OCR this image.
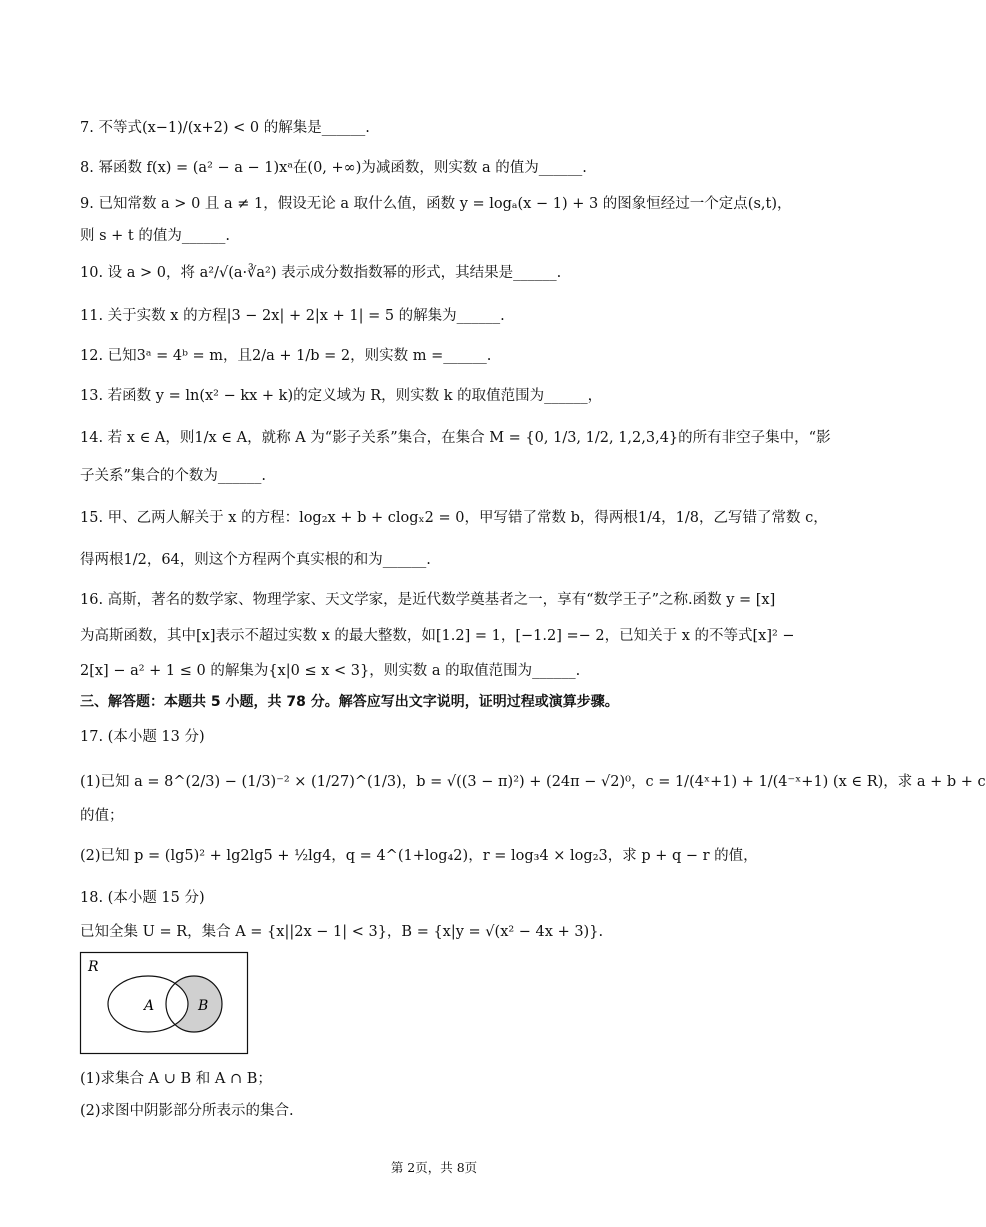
7. 不等式(x−1)/(x+2) < 0 的解集是______.
8. 幂函数 f(x) = (a² − a − 1)xᵃ在(0, +∞)为减函数，则实数 a 的值为______.
9. 已知常数 a > 0 且 a ≠ 1，假设无论 a 取什么值，函数 y = logₐ(x − 1) + 3 的图象恒经过一个定点(s,t)，
则 s + t 的值为______.
10. 设 a > 0，将 a²/√(a·∛a²) 表示成分数指数幂的形式，其结果是______.
11. 关于实数 x 的方程|3 − 2x| + 2|x + 1| = 5 的解集为______.
12. 已知3ᵃ = 4ᵇ = m，且2/a + 1/b = 2，则实数 m =______.
13. 若函数 y = ln(x² − kx + k)的定义域为 R，则实数 k 的取值范围为______，
14. 若 x ∈ A，则1/x ∈ A，就称 A 为“影子关系”集合，在集合 M = {0, 1/3, 1/2, 1,2,3,4}的所有非空子集中，“影
子关系”集合的个数为______.
15. 甲、乙两人解关于 x 的方程：log₂x + b + clogₓ2 = 0，甲写错了常数 b，得两根1/4，1/8，乙写错了常数 c，
得两根1/2，64，则这个方程两个真实根的和为______.
16. 高斯，著名的数学家、物理学家、天文学家，是近代数学奠基者之一，享有“数学王子”之称.函数 y = [x]
为高斯函数，其中[x]表示不超过实数 x 的最大整数，如[1.2] = 1，[−1.2] =− 2，已知关于 x 的不等式[x]² −
2[x] − a² + 1 ≤ 0 的解集为{x|0 ≤ x < 3}，则实数 a 的取值范围为______.
三、解答题：本题共 5 小题，共 78 分。解答应写出文字说明，证明过程或演算步骤。
17. (本小题 13 分)
(1)已知 a = 8^(2/3) − (1/3)⁻² × (1/27)^(1/3)，b = √((3 − π)²) + (24π − √2)⁰，c = 1/(4ˣ+1) + 1/(4⁻ˣ+1) (x ∈ R)，求 a + b + c
的值；
(2)已知 p = (lg5)² + lg2lg5 + ½lg4，q = 4^(1+log₄2)，r = log₃4 × log₂3，求 p + q − r 的值，
18. (本小题 15 分)
已知全集 U = R，集合 A = {x||2x − 1| < 3}，B = {x|y = √(x² − 4x + 3)}.
R
A	B
(1)求集合 A ∪ B 和 A ∩ B；
(2)求图中阴影部分所表示的集合.
第 2页，共 8页
